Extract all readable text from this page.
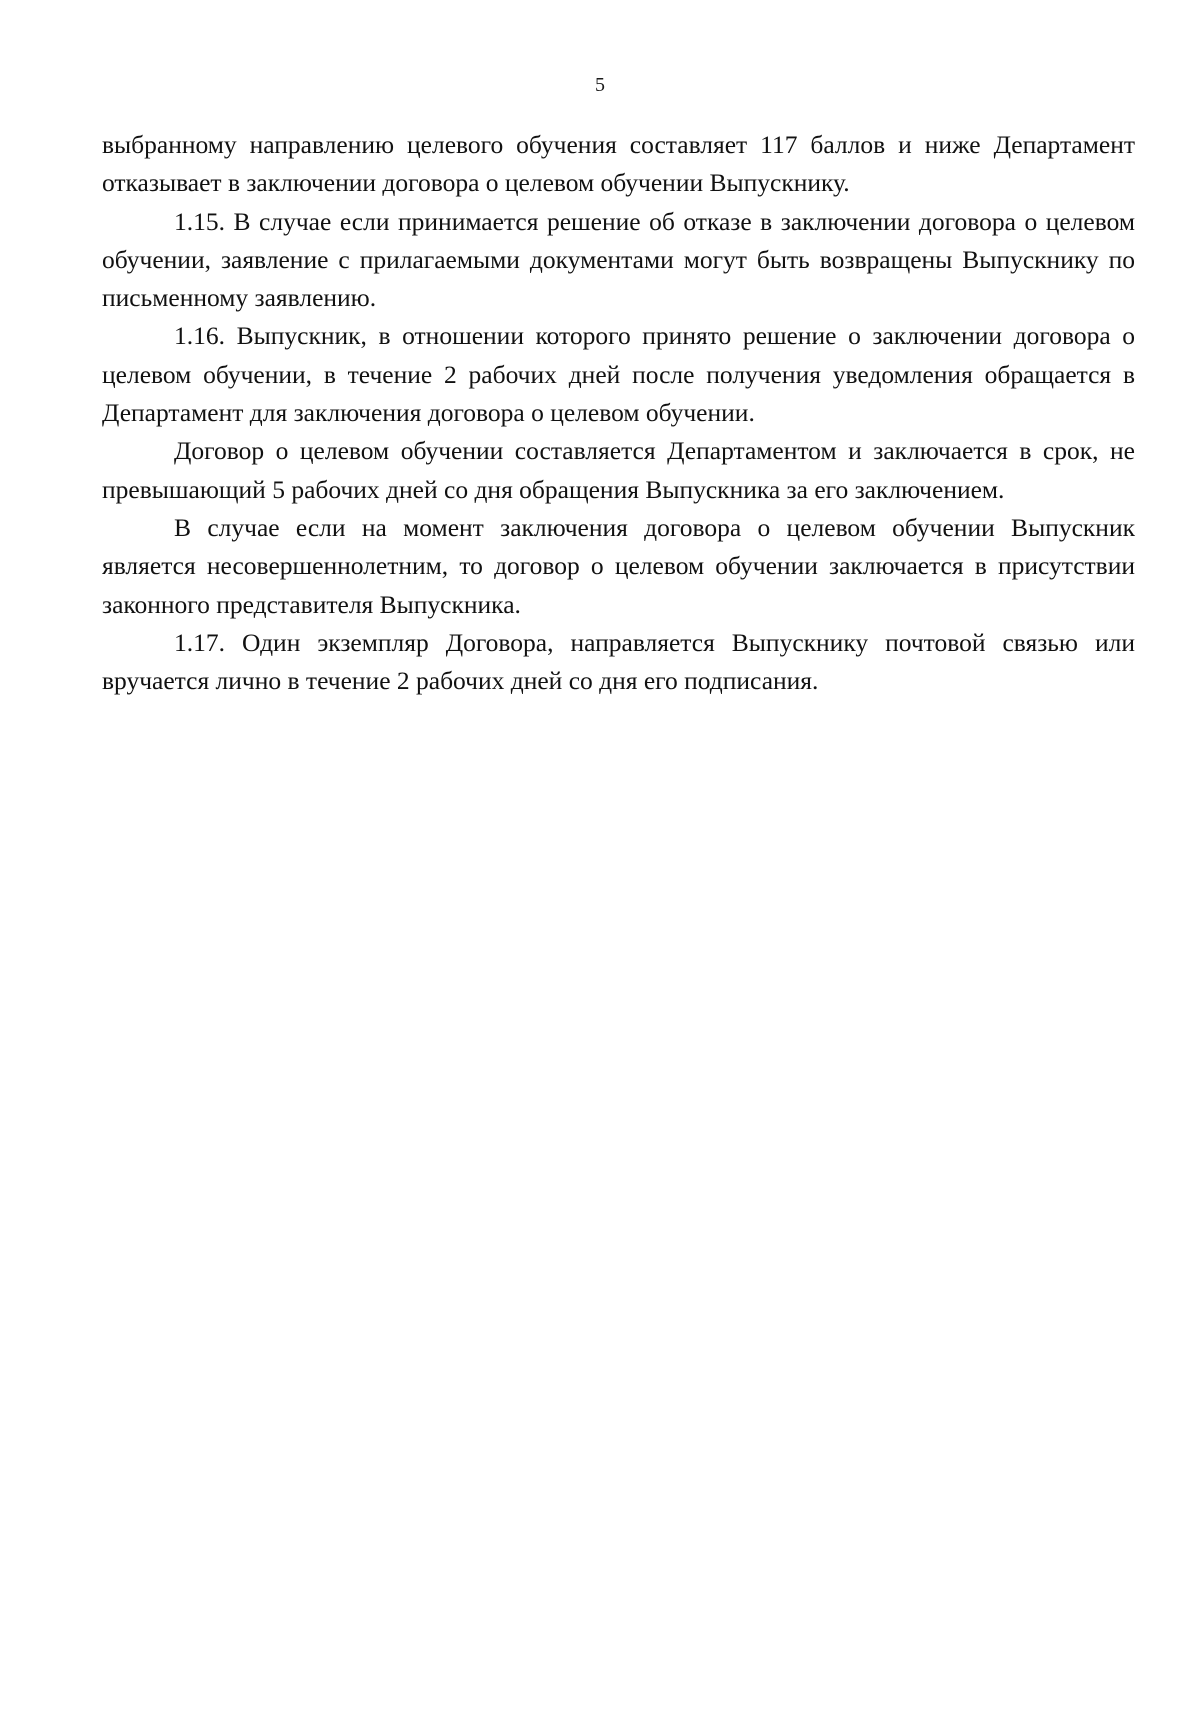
5

выбранному направлению целевого обучения составляет 117 баллов и ниже Департамент отказывает в заключении договора о целевом обучении Выпускнику.

1.15. В случае если принимается решение об отказе в заключении договора о целевом обучении, заявление с прилагаемыми документами могут быть возвращены Выпускнику по письменному заявлению.

1.16. Выпускник, в отношении которого принято решение о заключении договора о целевом обучении, в течение 2 рабочих дней после получения уведомления обращается в Департамент для заключения договора о целевом обучении.

Договор о целевом обучении составляется Департаментом и заключается в срок, не превышающий 5 рабочих дней со дня обращения Выпускника за его заключением.

В случае если на момент заключения договора о целевом обучении Выпускник является несовершеннолетним, то договор о целевом обучении заключается в присутствии законного представителя Выпускника.

1.17. Один экземпляр Договора, направляется Выпускнику почтовой связью или вручается лично в течение 2 рабочих дней со дня его подписания.
